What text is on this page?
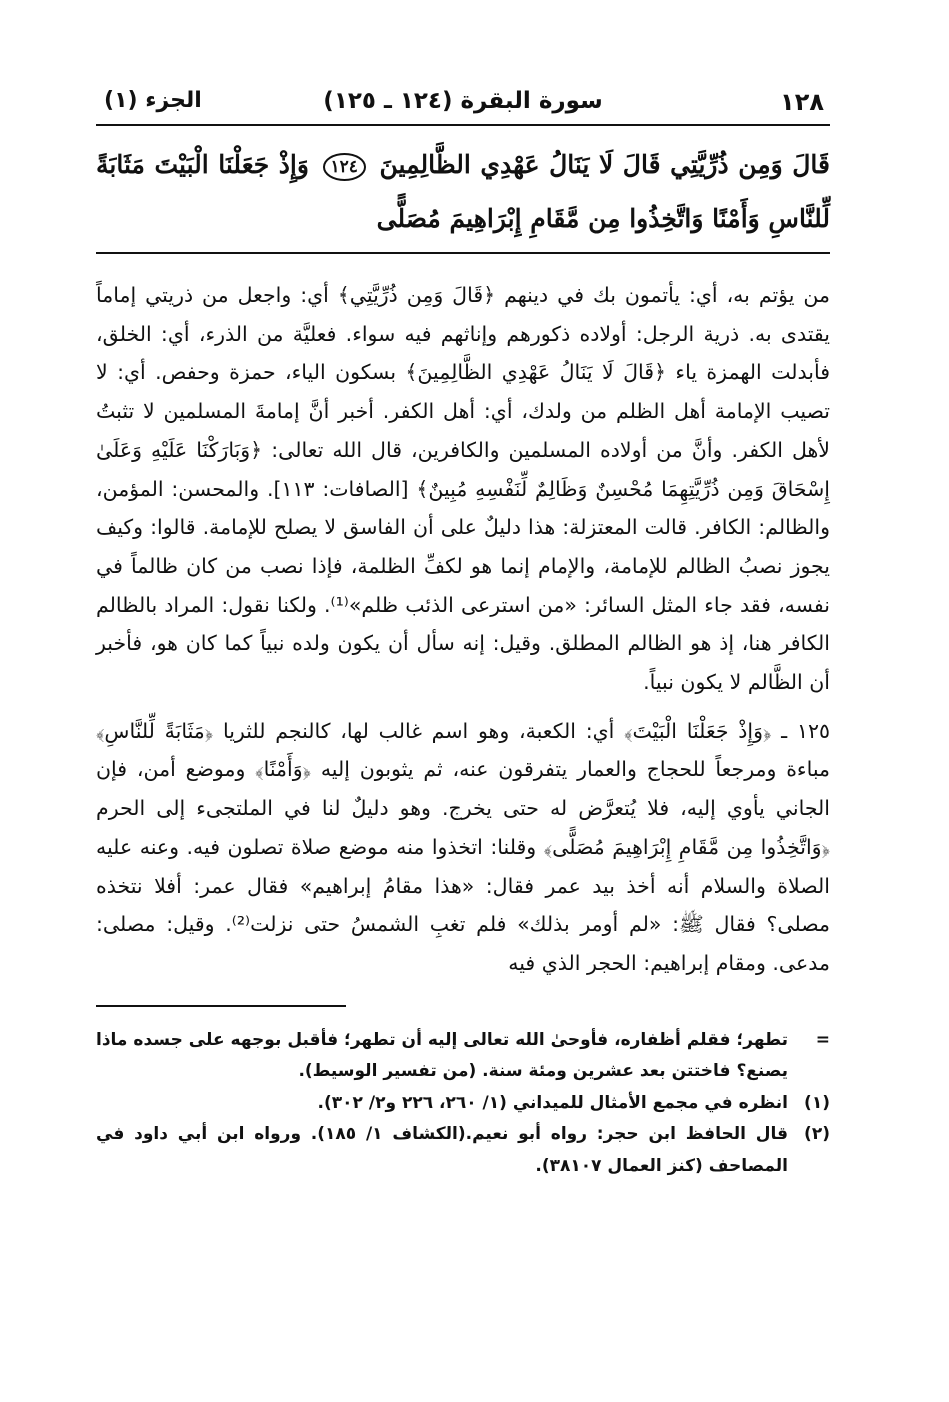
١٢٨
سورة البقرة (١٢٤ ـ ١٢٥)
الجزء (١)
قَالَ وَمِن ذُرِّيَّتِي قَالَ لَا يَنَالُ عَهْدِي الظَّالِمِينَ ١٢٤ وَإِذْ جَعَلْنَا الْبَيْتَ مَثَابَةً لِّلنَّاسِ وَأَمْنًا وَاتَّخِذُوا مِن مَّقَامِ إِبْرَاهِيمَ مُصَلًّى

من يؤتم به، أي: يأتمون بك في دينهم ﴿قَالَ وَمِن ذُرِّيَّتِي﴾ أي: واجعل من ذريتي إماماً يقتدى به. ذرية الرجل: أولاده ذكورهم وإناثهم فيه سواء. فعليَّة من الذرء، أي: الخلق، فأبدلت الهمزة ياء ﴿قَالَ لَا يَنَالُ عَهْدِي الظَّالِمِينَ﴾ بسكون الياء، حمزة وحفص. أي: لا تصيب الإمامة أهل الظلم من ولدك، أي: أهل الكفر. أخبر أنَّ إمامةَ المسلمين لا تثبتُ لأهل الكفر. وأنَّ من أولاده المسلمين والكافرين، قال الله تعالى: ﴿وَبَارَكْنَا عَلَيْهِ وَعَلَىٰ إِسْحَاقَ وَمِن ذُرِّيَّتِهِمَا مُحْسِنٌ وَظَالِمٌ لِّنَفْسِهِ مُبِينٌ﴾ [الصافات: ١١٣]. والمحسن: المؤمن، والظالم: الكافر. قالت المعتزلة: هذا دليلٌ على أن الفاسق لا يصلح للإمامة. قالوا: وكيف يجوز نصبُ الظالم للإمامة، والإمام إنما هو لكفِّ الظلمة، فإذا نصب من كان ظالماً في نفسه، فقد جاء المثل السائر: «من استرعى الذئب ظلم»⁽¹⁾. ولكنا نقول: المراد بالظالم الكافر هنا، إذ هو الظالم المطلق. وقيل: إنه سأل أن يكون ولده نبياً كما كان هو، فأخبر أن الظَّالم لا يكون نبياً.

١٢٥ ـ ﴿وَإِذْ جَعَلْنَا الْبَيْتَ﴾ أي: الكعبة، وهو اسم غالب لها، كالنجم للثريا ﴿مَثَابَةً لِّلنَّاسِ﴾ مباءة ومرجعاً للحجاج والعمار يتفرقون عنه، ثم يثوبون إليه ﴿وَأَمْنًا﴾ وموضع أمن، فإن الجاني يأوي إليه، فلا يُتعرَّض له حتى يخرج. وهو دليلٌ لنا في الملتجىء إلى الحرم ﴿وَاتَّخِذُوا مِن مَّقَامِ إِبْرَاهِيمَ مُصَلًّى﴾ وقلنا: اتخذوا منه موضع صلاة تصلون فيه. وعنه عليه الصلاة والسلام أنه أخذ بيد عمر فقال: «هذا مقامُ إبراهيم» فقال عمر: أفلا نتخذه مصلى؟ فقال ﷺ: «لم أومر بذلك» فلم تغبِ الشمسُ حتى نزلت⁽²⁾. وقيل: مصلى: مدعى. ومقام إبراهيم: الحجر الذي فيه

=
تطهر؛ فقلم أظفاره، فأوحىٰ الله تعالى إليه أن تطهر؛ فأقبل بوجهه على جسده ماذا يصنع؟ فاختتن بعد عشرين ومئة سنة. (من تفسير الوسيط).
(١)
انظره في مجمع الأمثال للميداني (١/ ٢٦٠، ٢٢٦ و٢/ ٣٠٢).
(٢)
قال الحافظ ابن حجر: رواه أبو نعيم.(الكشاف ١/ ١٨٥). ورواه ابن أبي داود في المصاحف (كنز العمال ٣٨١٠٧).
